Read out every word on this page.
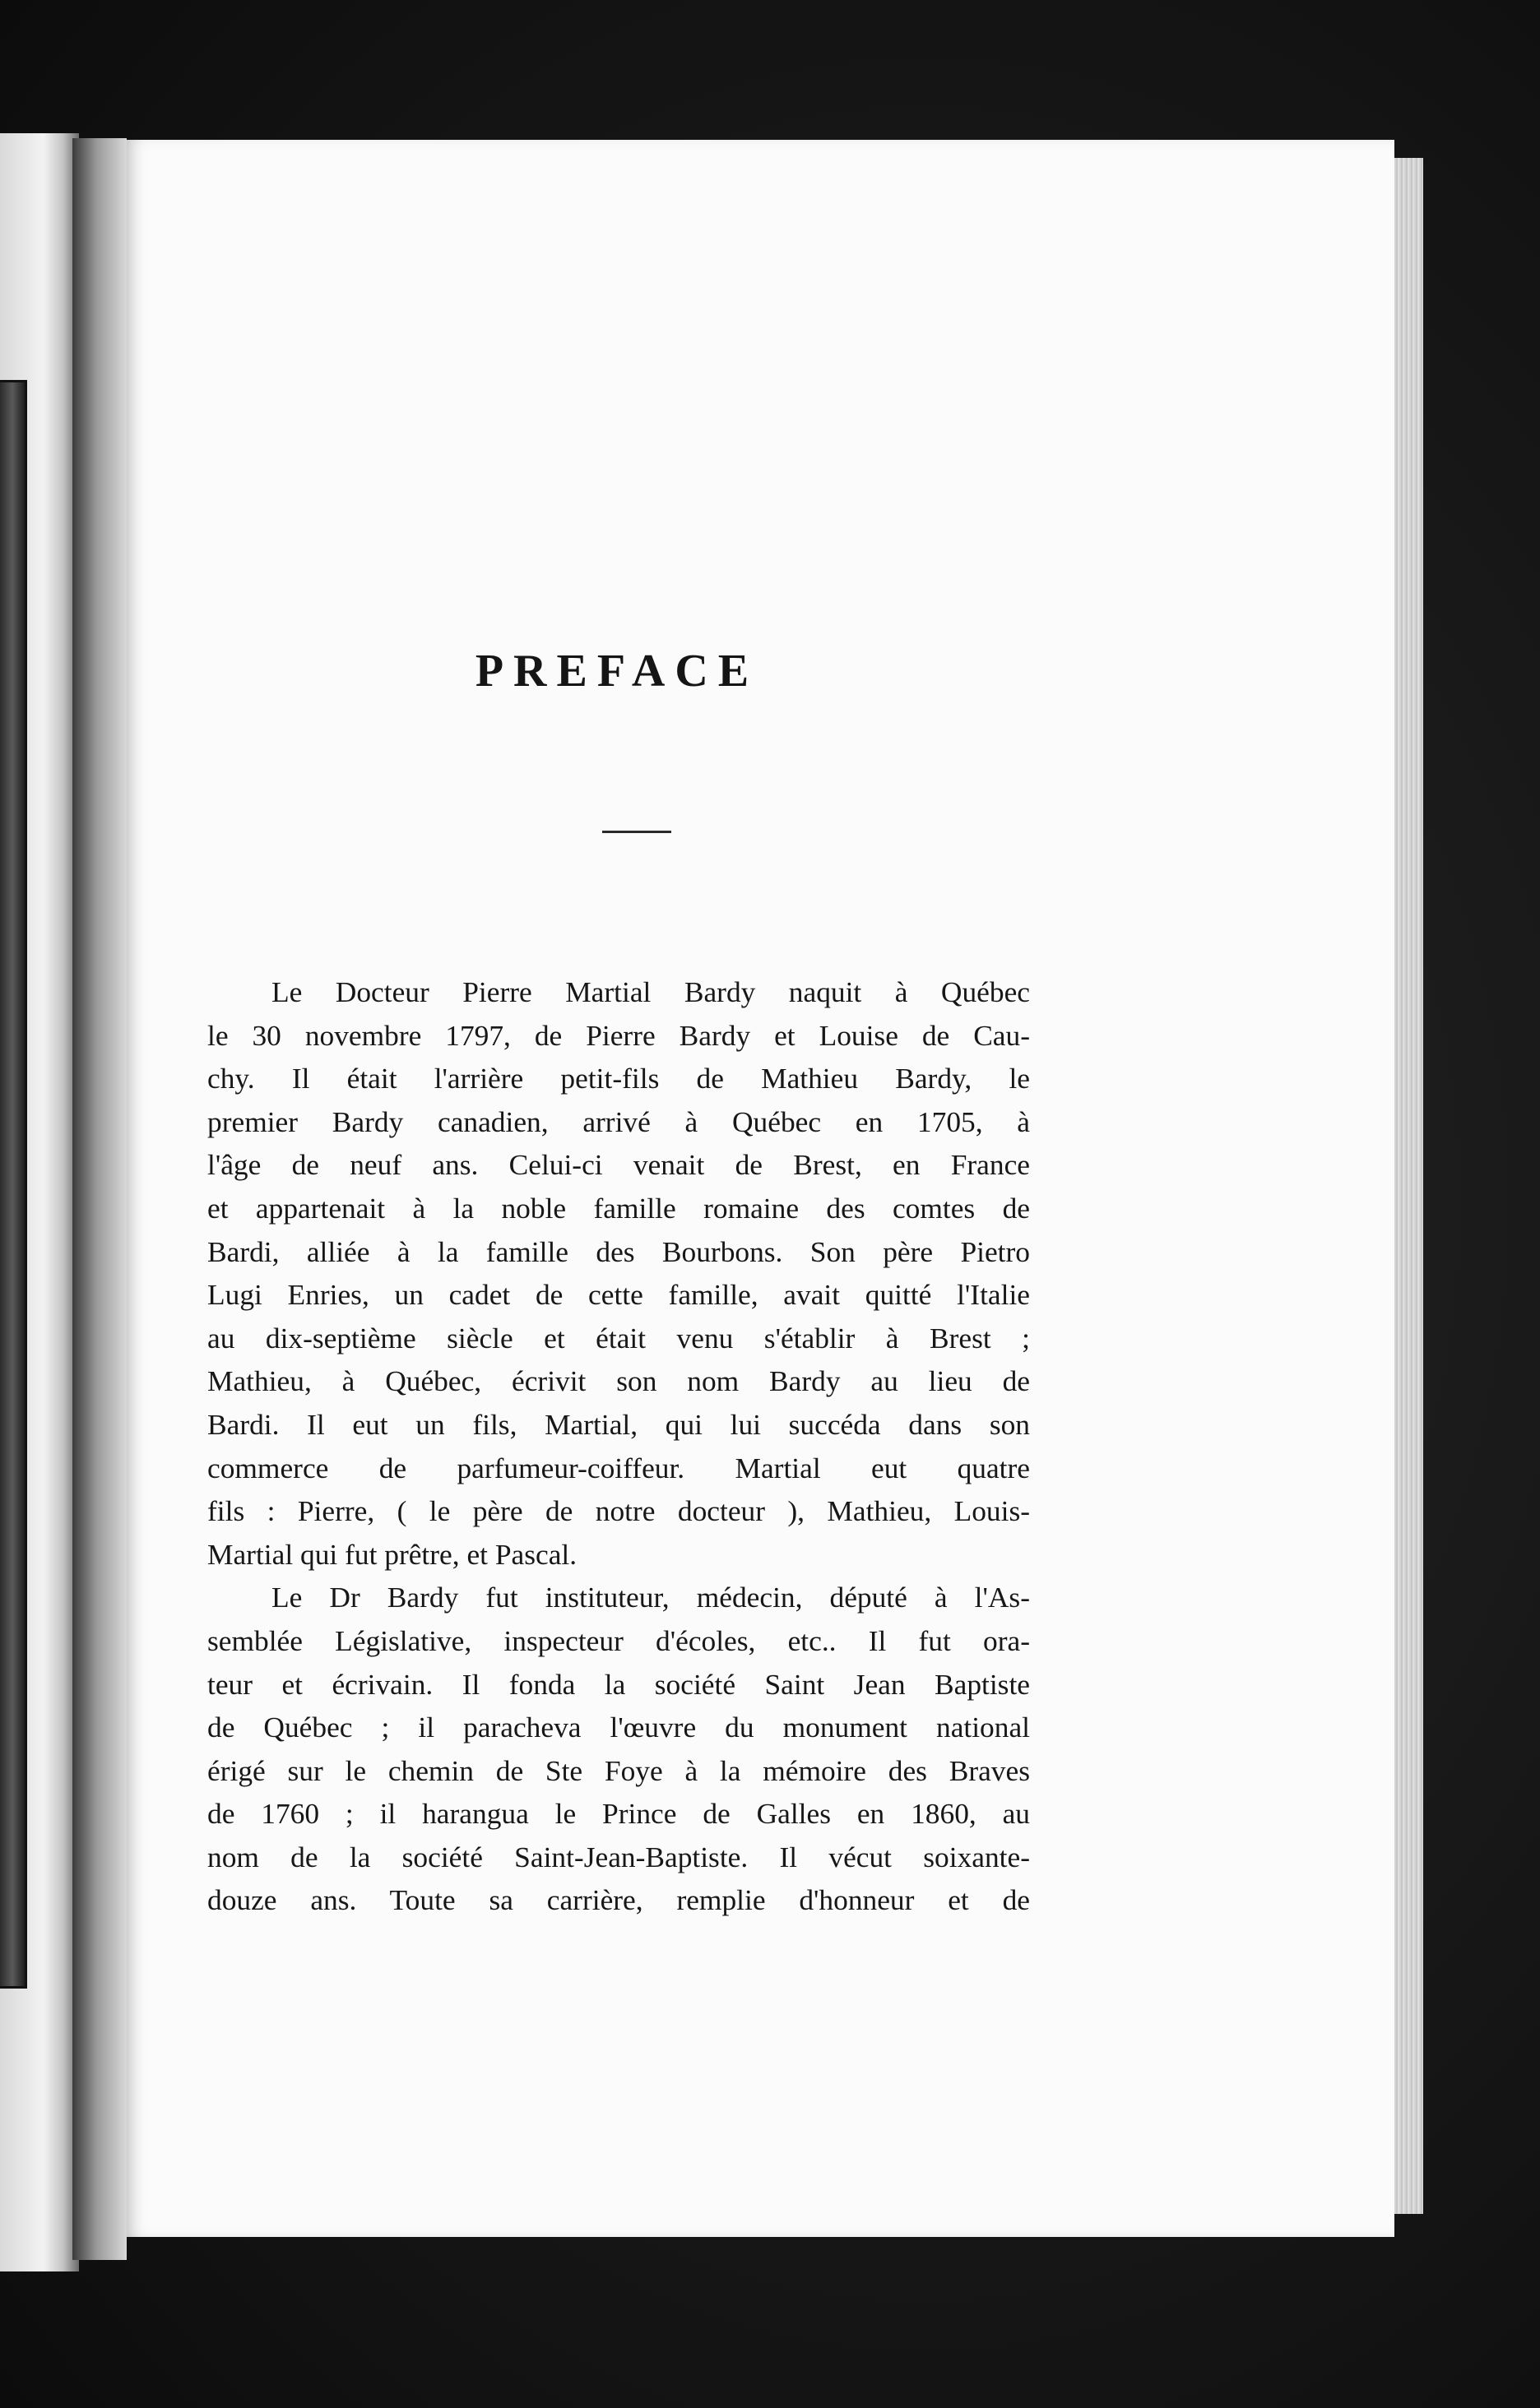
PREFACE
Le Docteur Pierre Martial Bardy naquit à Québec
le 30 novembre 1797, de Pierre Bardy et Louise de Cau-
chy. Il était l'arrière petit-fils de Mathieu Bardy, le
premier Bardy canadien, arrivé à Québec en 1705, à
l'âge de neuf ans. Celui-ci venait de Brest, en France
et appartenait à la noble famille romaine des comtes de
Bardi, alliée à la famille des Bourbons. Son père Pietro
Lugi Enries, un cadet de cette famille, avait quitté l'Italie
au dix-septième siècle et était venu s'établir à Brest ;
Mathieu, à Québec, écrivit son nom Bardy au lieu de
Bardi. Il eut un fils, Martial, qui lui succéda dans son
commerce de parfumeur-coiffeur. Martial eut quatre
fils : Pierre, ( le père de notre docteur ), Mathieu, Louis-
Martial qui fut prêtre, et Pascal.
Le Dr Bardy fut instituteur, médecin, député à l'As-
semblée Législative, inspecteur d'écoles, etc.. Il fut ora-
teur et écrivain. Il fonda la société Saint Jean Baptiste
de Québec ; il paracheva l'œuvre du monument national
érigé sur le chemin de Ste Foye à la mémoire des Braves
de 1760 ; il harangua le Prince de Galles en 1860, au
nom de la société Saint-Jean-Baptiste. Il vécut soixante-
douze ans. Toute sa carrière, remplie d'honneur et de
